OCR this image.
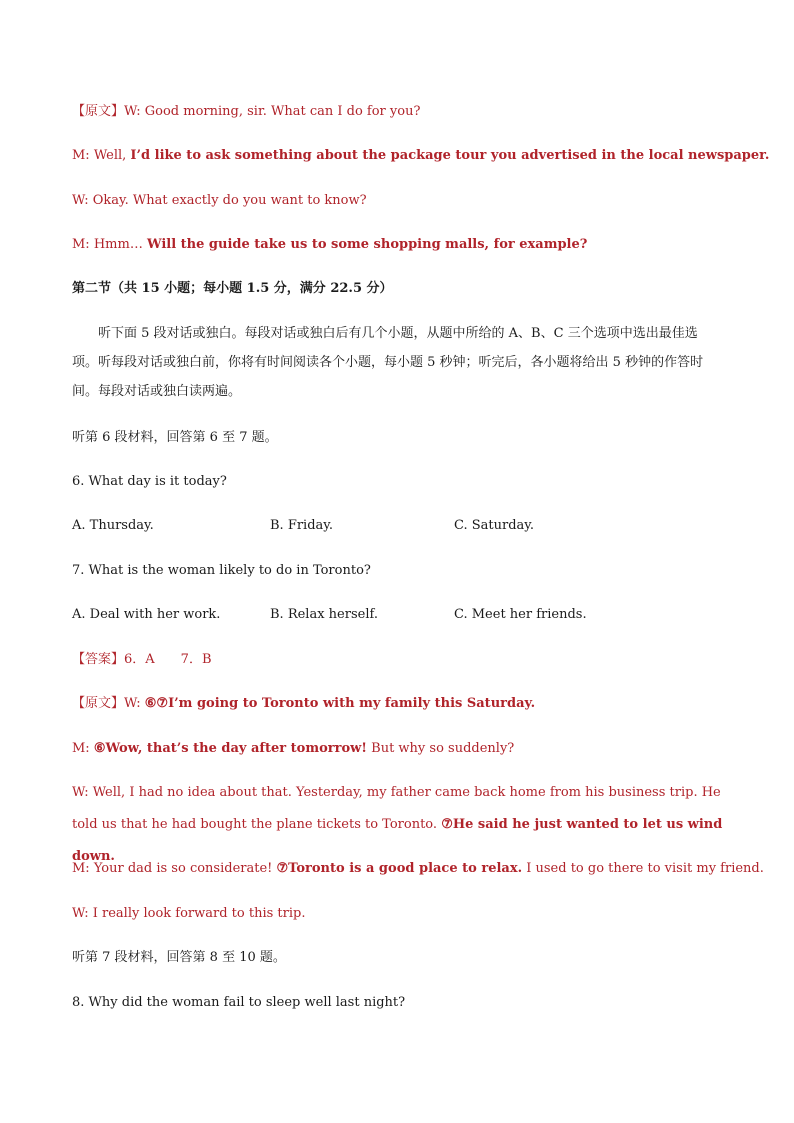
【原文】W: Good morning, sir. What can I do for you?
M: Well, I’d like to ask something about the package tour you advertised in the local newspaper.
W: Okay. What exactly do you want to know?
M: Hmm… Will the guide take us to some shopping malls, for example?
第二节（共 15 小题；每小题 1.5 分，满分 22.5 分）
听下面 5 段对话或独白。每段对话或独白后有几个小题，从题中所给的 A、B、C 三个选项中选出最佳选项。听每段对话或独白前，你将有时间阅读各个小题，每小题 5 秒钟；听完后，各小题将给出 5 秒钟的作答时间。每段对话或独白读两遍。
听第 6 段材料，回答第 6 至 7 题。
6. What day is it today?
A. Thursday.	B. Friday.	C. Saturday.
7. What is the woman likely to do in Toronto?
A. Deal with her work.	B. Relax herself.	C. Meet her friends.
【答案】6．A　　7．B
【原文】W: ⑥⑦I’m going to Toronto with my family this Saturday.
M: ⑥Wow, that’s the day after tomorrow! But why so suddenly?
W: Well, I had no idea about that. Yesterday, my father came back home from his business trip. He told us that he had bought the plane tickets to Toronto. ⑦He said he just wanted to let us wind down.
M: Your dad is so considerate! ⑦Toronto is a good place to relax. I used to go there to visit my friend.
W: I really look forward to this trip.
听第 7 段材料，回答第 8 至 10 题。
8. Why did the woman fail to sleep well last night?
